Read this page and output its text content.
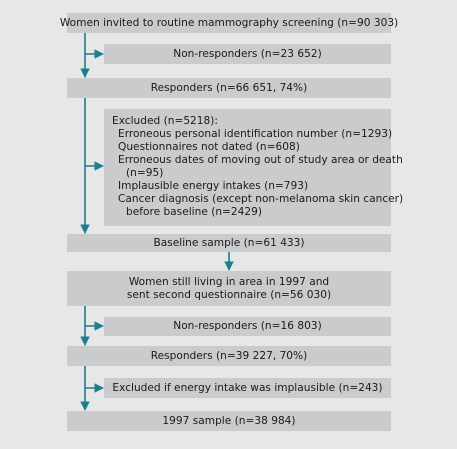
Women invited to routine mammography screening (n=90 303)
Non-responders (n=23 652)
Responders (n=66 651, 74%)
Excluded (n=5218):
Erroneous personal identification number (n=1293)
Questionnaires not dated (n=608)
Erroneous dates of moving out of study area or death
(n=95)
Implausible energy intakes (n=793)
Cancer diagnosis (except non-melanoma skin cancer)
before baseline (n=2429)
Baseline sample (n=61 433)
Women still living in area in 1997 and
sent second questionnaire (n=56 030)
Non-responders (n=16 803)
Responders (n=39 227, 70%)
Excluded if energy intake was implausible (n=243)
1997 sample (n=38 984)
